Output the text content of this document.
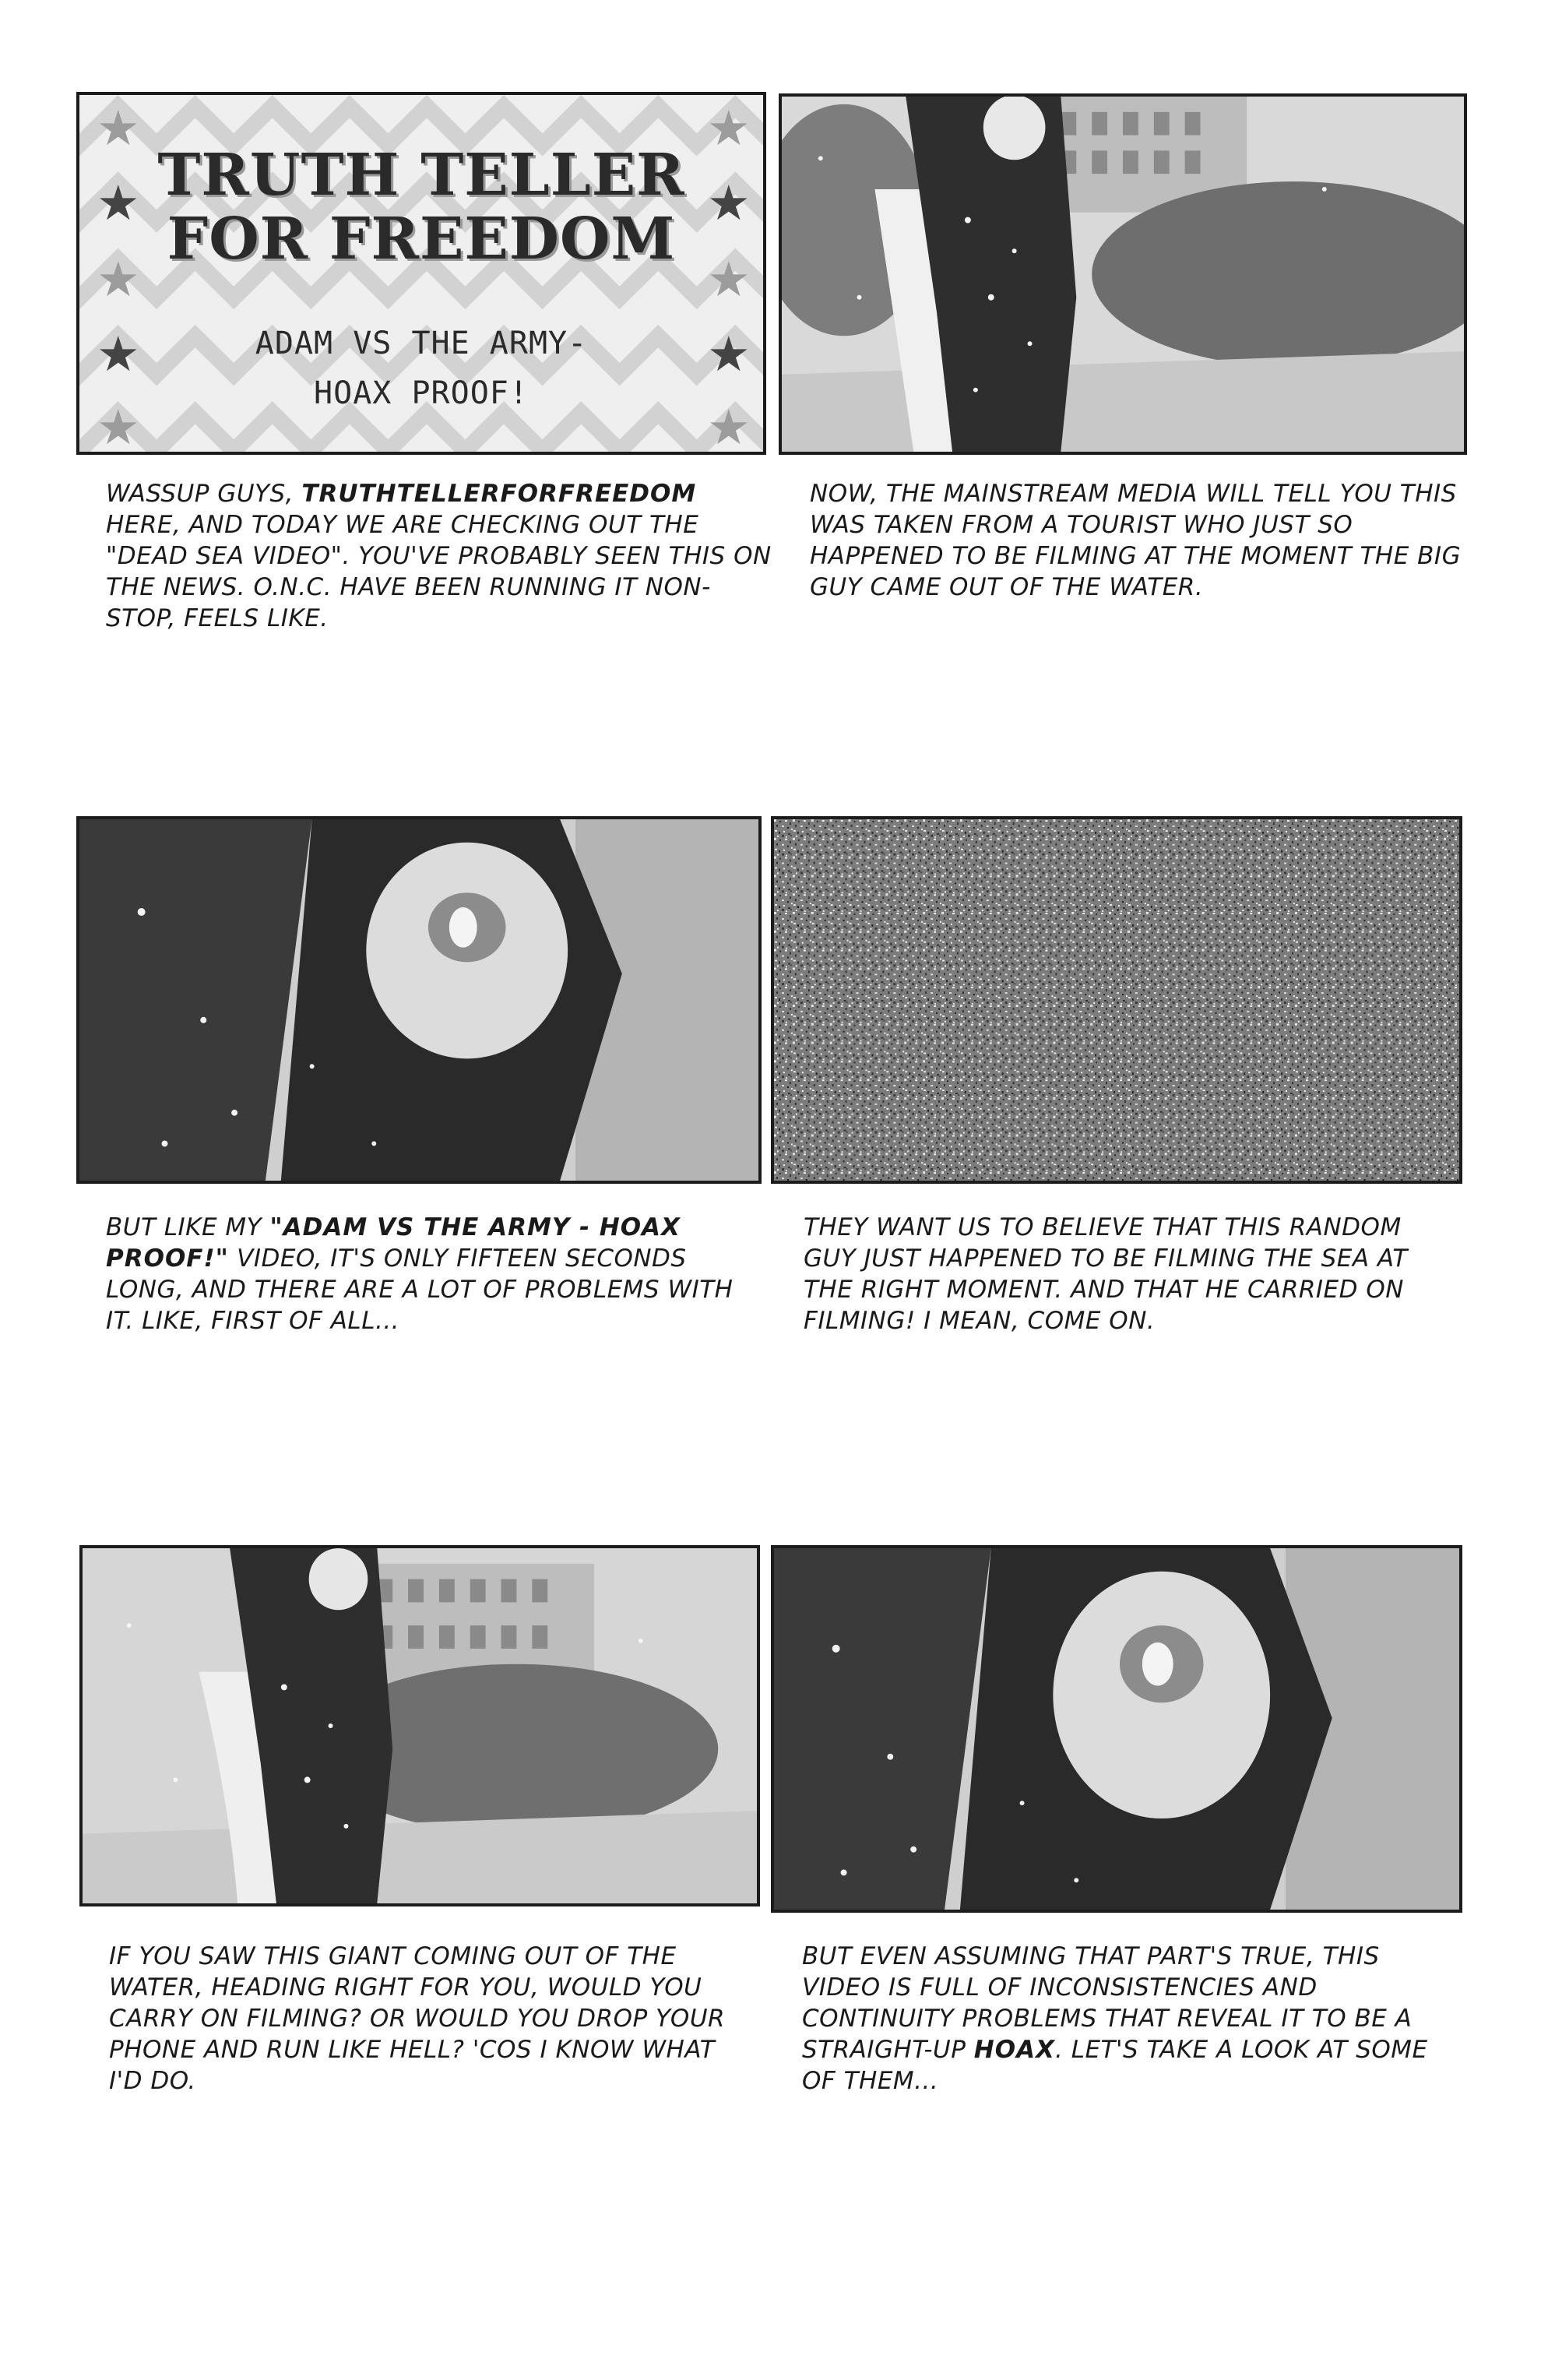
★
★
★
★
★
★
★
★
★
★
TRUTH TELLER
FOR FREEDOM
ADAM VS THE ARMY-
HOAX PROOF!
WASSUP GUYS, TRUTHTELLERFORFREEDOM HERE, AND TODAY WE ARE CHECKING OUT THE "DEAD SEA VIDEO". YOU'VE PROBABLY SEEN THIS ON THE NEWS. O.N.C. HAVE BEEN RUNNING IT NON-STOP, FEELS LIKE.
NOW, THE MAINSTREAM MEDIA WILL TELL YOU THIS WAS TAKEN FROM A TOURIST WHO JUST SO HAPPENED TO BE FILMING AT THE MOMENT THE BIG GUY CAME OUT OF THE WATER.
BUT LIKE MY "ADAM VS THE ARMY - HOAX PROOF!" VIDEO, IT'S ONLY FIFTEEN SECONDS LONG, AND THERE ARE A LOT OF PROBLEMS WITH IT. LIKE, FIRST OF ALL...
THEY WANT US TO BELIEVE THAT THIS RANDOM GUY JUST HAPPENED TO BE FILMING THE SEA AT THE RIGHT MOMENT. AND THAT HE CARRIED ON FILMING! I MEAN, COME ON.
IF YOU SAW THIS GIANT COMING OUT OF THE WATER, HEADING RIGHT FOR YOU, WOULD YOU CARRY ON FILMING? OR WOULD YOU DROP YOUR PHONE AND RUN LIKE HELL? 'COS I KNOW WHAT I'D DO.
BUT EVEN ASSUMING THAT PART'S TRUE, THIS VIDEO IS FULL OF INCONSISTENCIES AND CONTINUITY PROBLEMS THAT REVEAL IT TO BE A STRAIGHT-UP HOAX. LET'S TAKE A LOOK AT SOME OF THEM...
